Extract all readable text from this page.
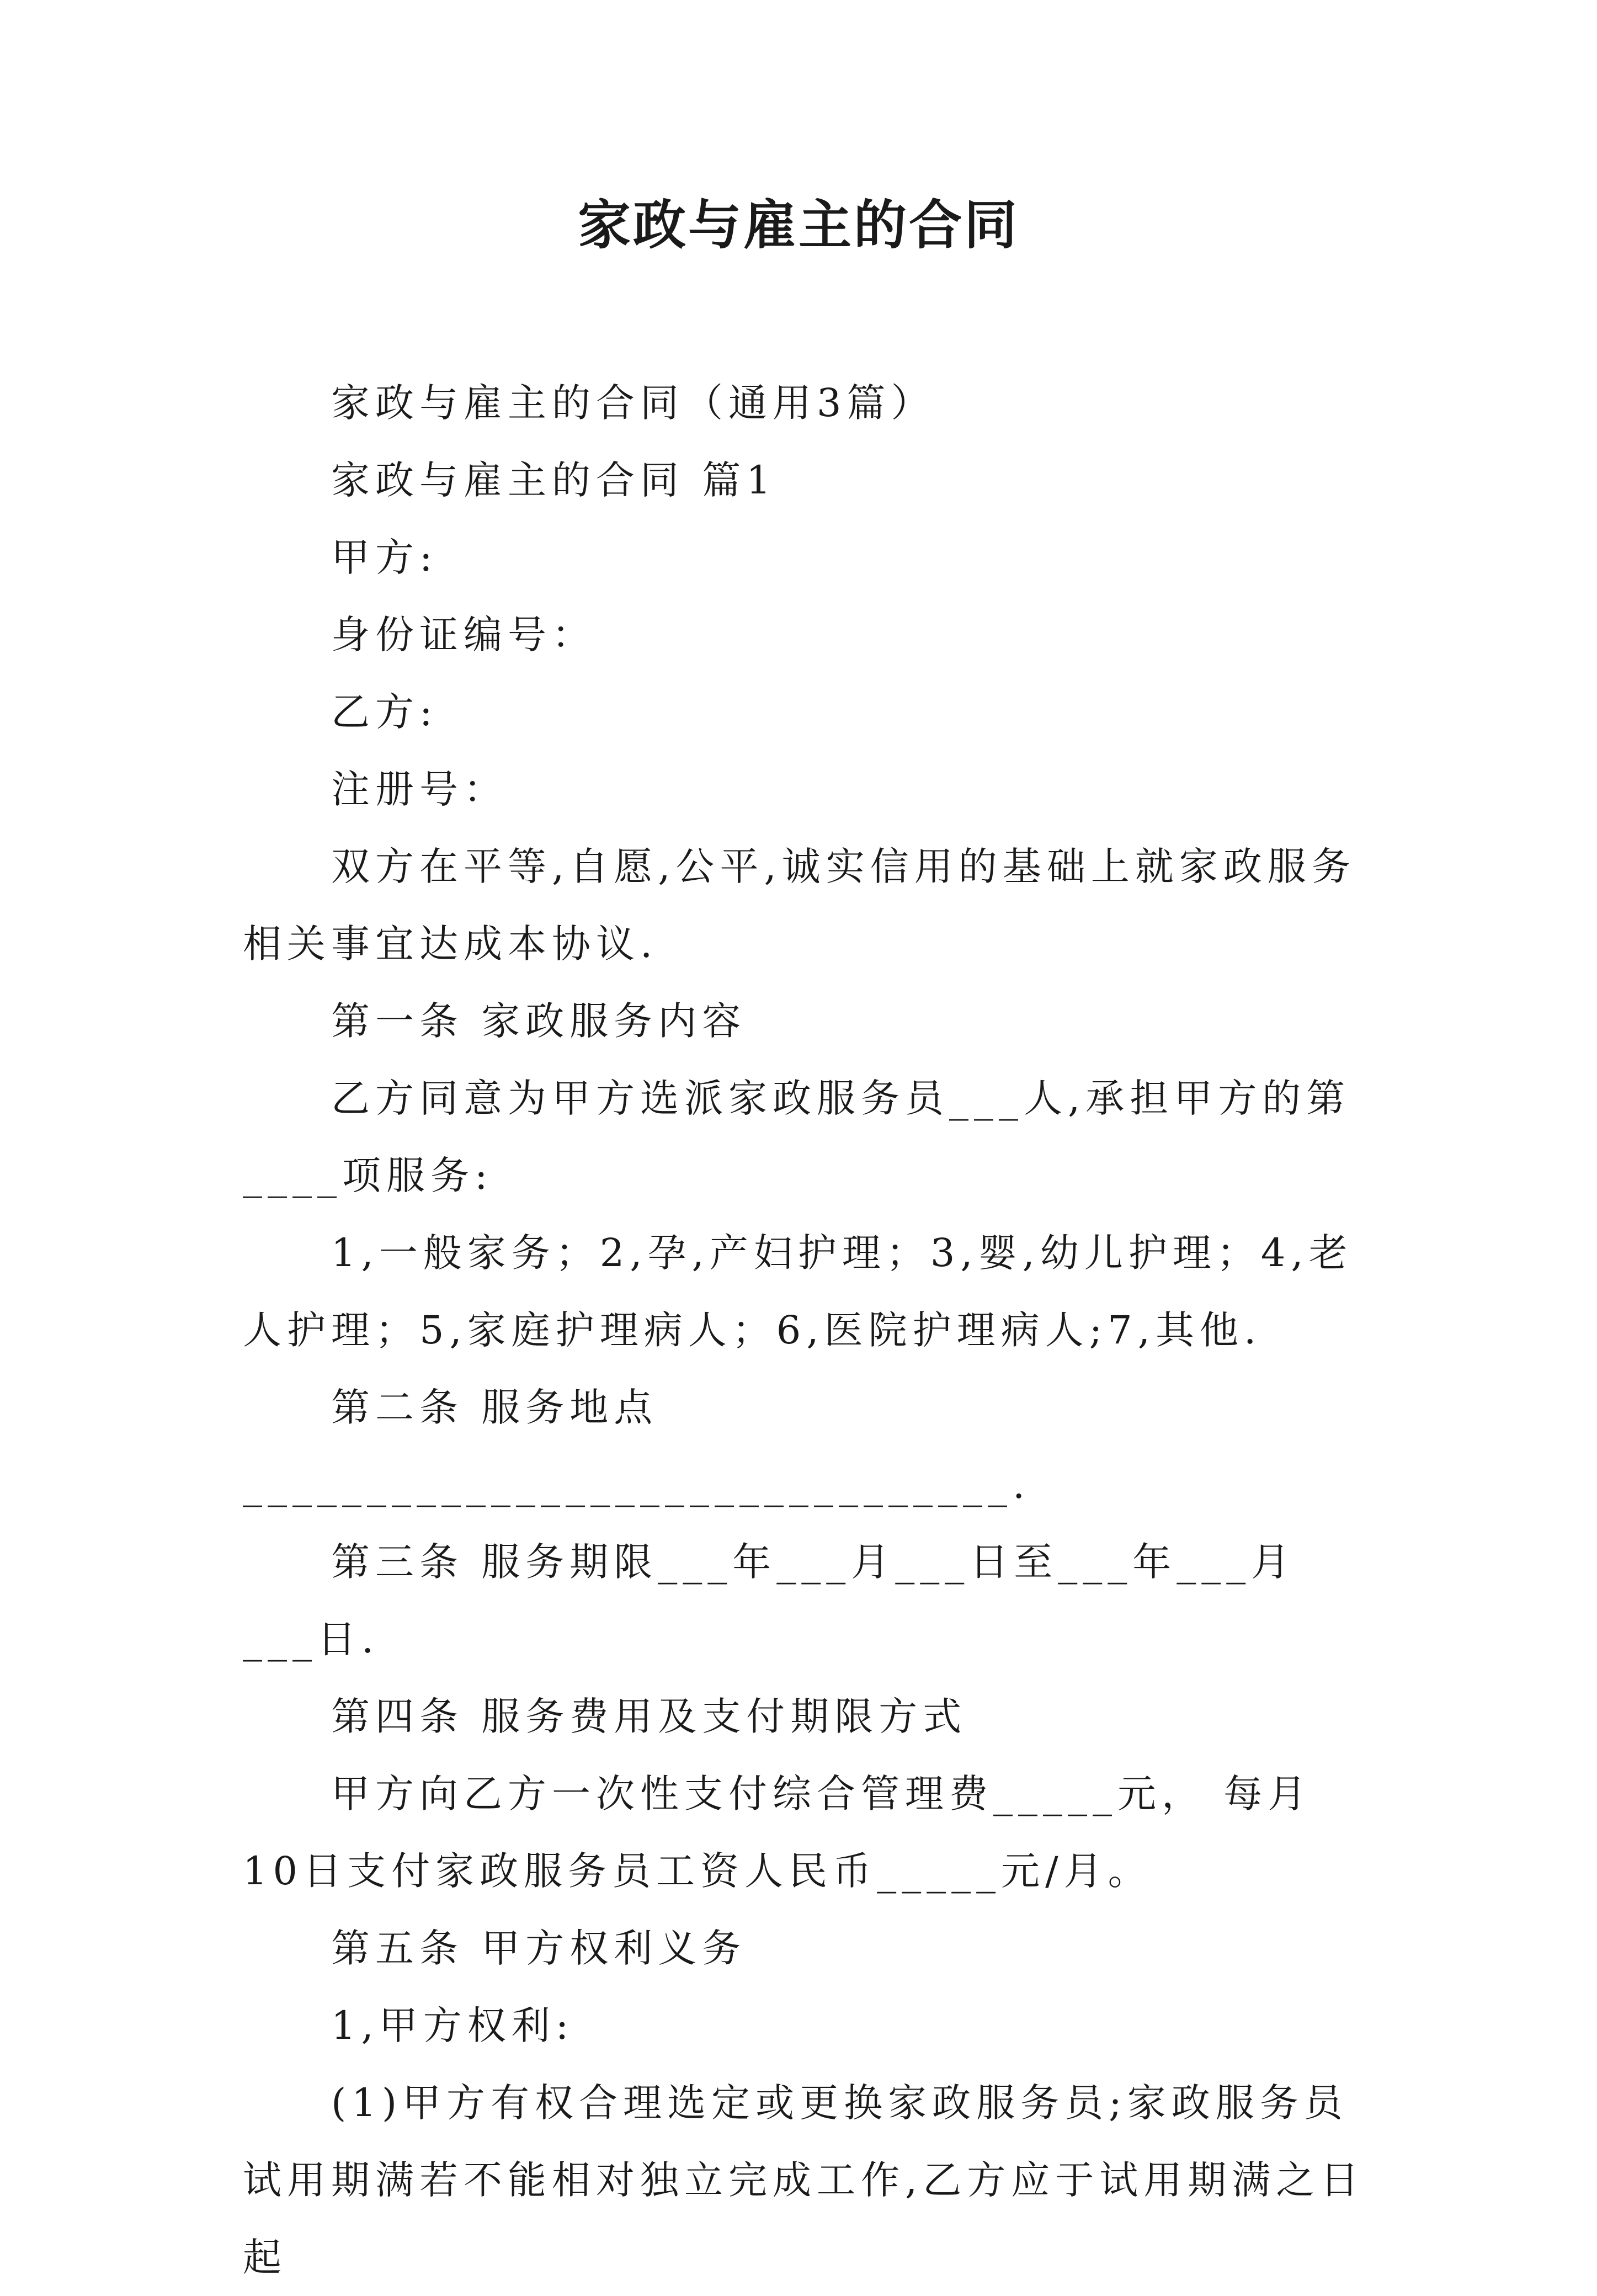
家政与雇主的合同

家政与雇主的合同（通用3篇）

家政与雇主的合同 篇1

甲方:

身份证编号：

乙方:

注册号：

双方在平等,自愿,公平,诚实信用的基础上就家政服务相关事宜达成本协议.

第一条 家政服务内容

乙方同意为甲方选派家政服务员___人,承担甲方的第____项服务:

1,一般家务；2,孕,产妇护理；3,婴,幼儿护理；4,老人护理；5,家庭护理病人；6,医院护理病人;7,其他.

第二条 服务地点 _______________________________.

第三条 服务期限___年___月___日至___年___月___日.

第四条 服务费用及支付期限方式

甲方向乙方一次性支付综合管理费_____元， 每月10日支付家政服务员工资人民币_____元/月。

第五条 甲方权利义务

1,甲方权利:

(1)甲方有权合理选定或更换家政服务员;家政服务员试用期满若不能相对独立完成工作,乙方应于试用期满之日起
